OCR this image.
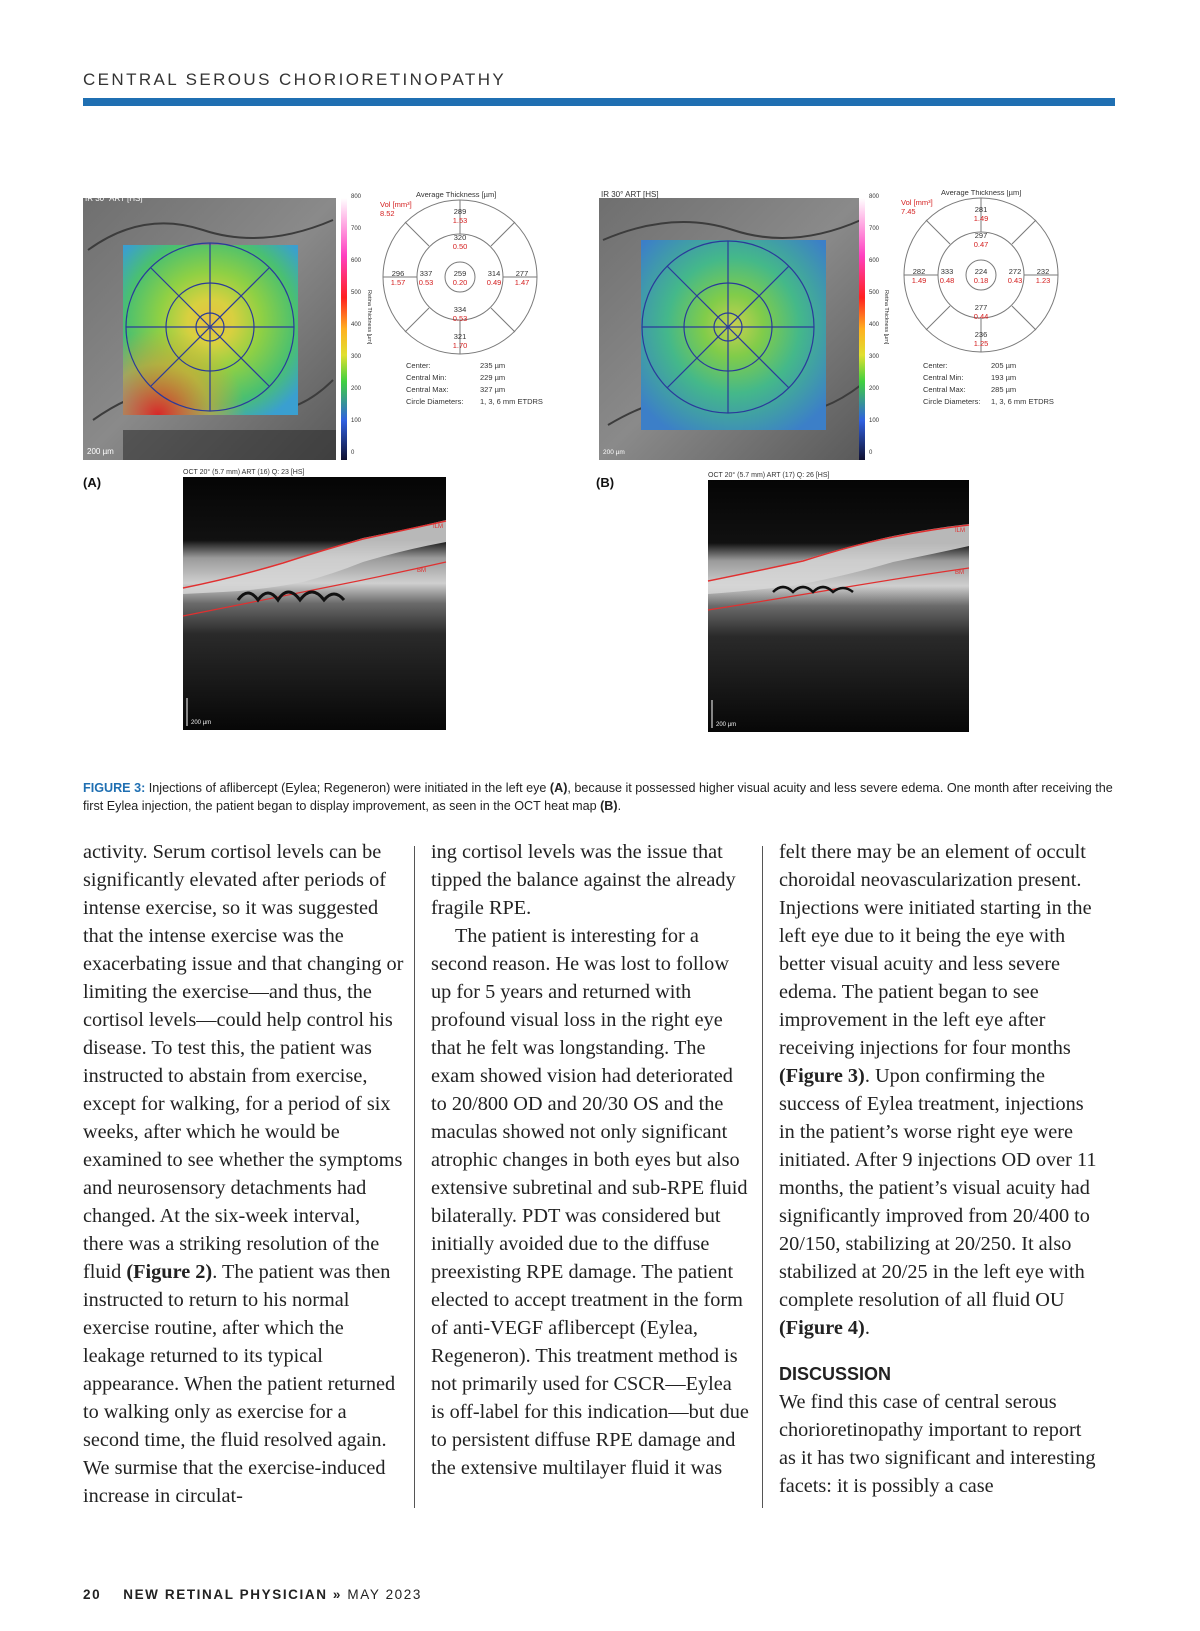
CENTRAL SEROUS CHORIORETINOPATHY
IR 30° ART [HS]
200 µm
800
700
600
500
400
300
200
100
0
Retina Thickness [µm]
Average Thickness [µm]
Vol [mm³]
8.52	289
1.53
320
0.50
296
1.57
337
0.53
259
0.20
314
0.49
277
1.47
334
0.53
321
1.70
Center:	235 µm
Central Min:	229 µm
Central Max:	327 µm
Circle Diameters: 1, 3, 6 mm ETDRS
(A)
OCT 20° (5.7 mm) ART (16) Q: 23 [HS]
ILM
BM
200 µm
IR 30° ART [HS]
200 µm
800
700
600
500
400
300
200
100
0
Retina Thickness [µm]
Average Thickness [µm]
Vol [mm³]
7.45	281
1.49
297
0.47
282
1.49
333
0.48
224
0.18
272
0.43
232
1.23
277
0.44
236
1.25
Center:	205 µm
Central Min:	193 µm
Central Max:	285 µm
Circle Diameters: 1, 3, 6 mm ETDRS
(B)	OCT 20° (5.7 mm) ART (17) Q: 26 [HS]
ILM
BM
200 µm
FIGURE 3: Injections of aflibercept (Eylea; Regeneron) were initiated in the left eye (A), because it possessed higher visual acuity and less severe edema. One month after receiving the first Eylea injection, the patient began to display improvement, as seen in the OCT heat map (B).

activity. Serum cortisol levels can be significantly elevated after periods of intense exercise, so it was suggested that the intense exercise was the exacerbating issue and that changing or limiting the exercise—and thus, the cortisol levels—could help control his disease. To test this, the patient was instructed to abstain from exercise, except for walking, for a period of six weeks, after which he would be examined to see whether the symptoms and neurosensory detachments had changed. At the six-week interval, there was a striking resolution of the fluid (Figure 2). The patient was then instructed to return to his normal exercise routine, after which the leakage returned to its typical appearance. When the patient returned to walking only as exercise for a second time, the fluid resolved again. We surmise that the exercise-induced increase in circulat-

ing cortisol levels was the issue that tipped the balance against the already fragile RPE.

The patient is interesting for a second reason. He was lost to follow up for 5 years and returned with profound visual loss in the right eye that he felt was longstanding. The exam showed vision had deteriorated to 20/800 OD and 20/30 OS and the maculas showed not only significant atrophic changes in both eyes but also extensive subretinal and sub-RPE fluid bilaterally. PDT was considered but initially avoided due to the diffuse preexisting RPE damage. The patient elected to accept treatment in the form of anti-VEGF aflibercept (Eylea, Regeneron). This treatment method is not primarily used for CSCR—Eylea is off-label for this indication—but due to persistent diffuse RPE damage and the extensive multilayer fluid it was

felt there may be an element of occult choroidal neovascularization present. Injections were initiated starting in the left eye due to it being the eye with better visual acuity and less severe edema. The patient began to see improvement in the left eye after receiving injections for four months (Figure 3). Upon confirming the success of Eylea treatment, injections in the patient’s worse right eye were initiated. After 9 injections OD over 11 months, the patient’s visual acuity had significantly improved from 20/400 to 20/150, stabilizing at 20/250. It also stabilized at 20/25 in the left eye with complete resolution of all fluid OU (Figure 4).

DISCUSSION

We find this case of central serous chorioretinopathy important to report as it has two significant and interesting facets: it is possibly a case

20 NEW RETINAL PHYSICIAN » MAY 2023
